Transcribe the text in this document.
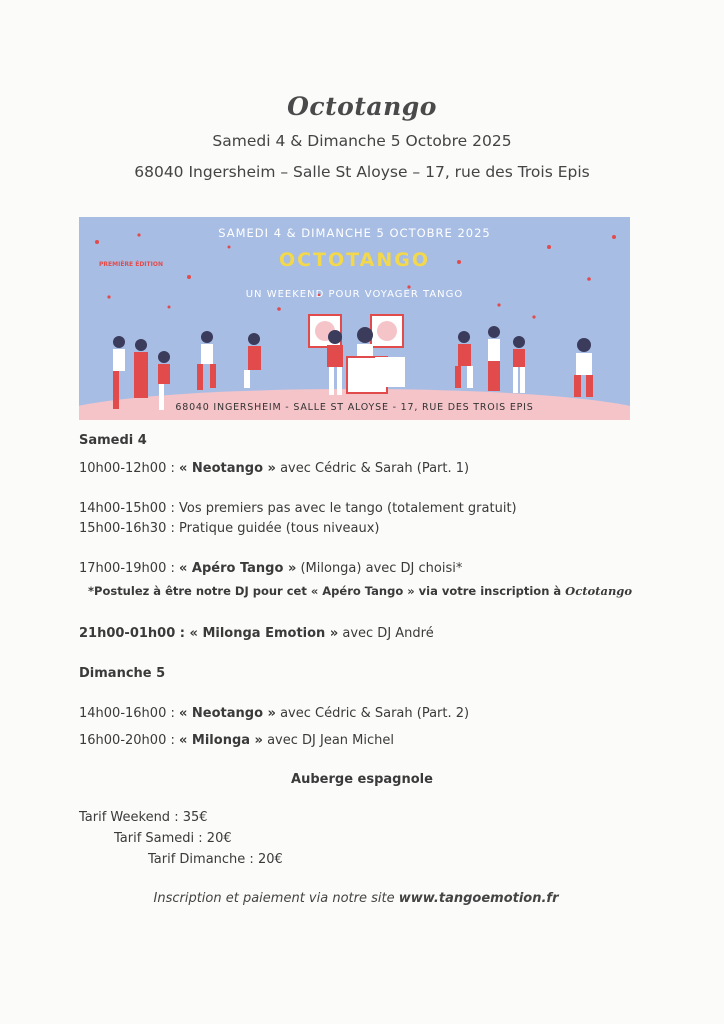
Octotango
Samedi 4 & Dimanche 5 Octobre 2025
68040 Ingersheim – Salle St Aloyse – 17, rue des Trois Epis
SAMEDI 4 & DIMANCHE 5 OCTOBRE 2025
PREMIÈRE ÉDITION	OCTOTANGO
UN WEEKEND POUR VOYAGER TANGO
68040 INGERSHEIM - SALLE ST ALOYSE - 17, RUE DES TROIS EPIS
Samedi 4
10h00-12h00 : « Neotango » avec Cédric & Sarah (Part. 1)
14h00-15h00 : Vos premiers pas avec le tango (totalement gratuit)
15h00-16h30 : Pratique guidée (tous niveaux)
17h00-19h00 : « Apéro Tango » (Milonga) avec DJ choisi*
*Postulez à être notre DJ pour cet « Apéro Tango » via votre inscription à Octotango
21h00-01h00 : « Milonga Emotion » avec DJ André
Dimanche 5
14h00-16h00 : « Neotango » avec Cédric & Sarah (Part. 2)
16h00-20h00 : « Milonga » avec DJ Jean Michel
Auberge espagnole
Tarif Weekend : 35€
Tarif Samedi : 20€
Tarif Dimanche : 20€
Inscription et paiement via notre site www.tangoemotion.fr
